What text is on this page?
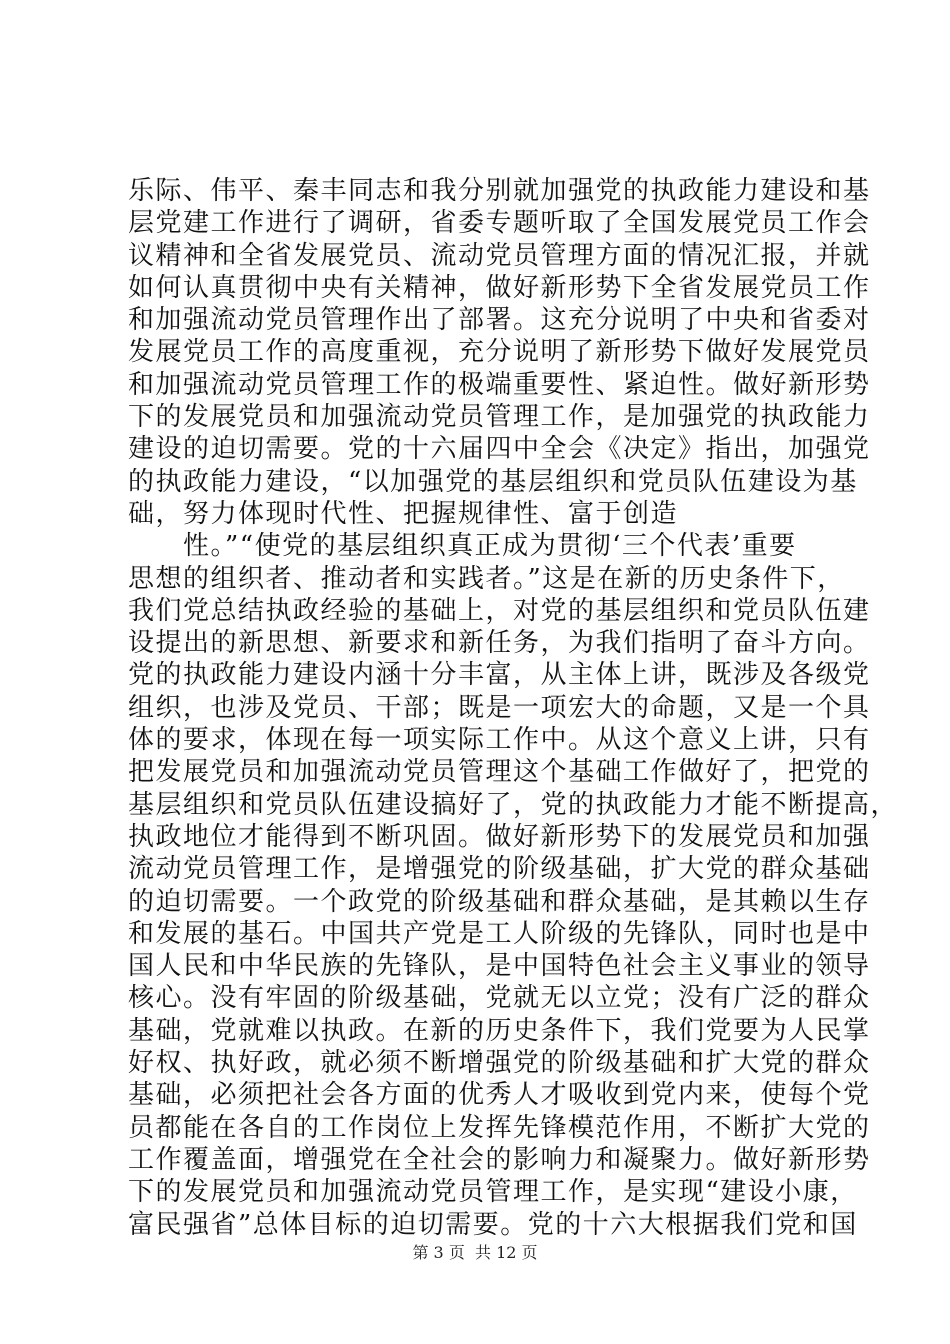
乐际、伟平、秦丰同志和我分别就加强党的执政能力建设和基
层党建工作进行了调研，省委专题听取了全国发展党员工作会
议精神和全省发展党员、流动党员管理方面的情况汇报，并就
如何认真贯彻中央有关精神，做好新形势下全省发展党员工作
和加强流动党员管理作出了部署。这充分说明了中央和省委对
发展党员工作的高度重视，充分说明了新形势下做好发展党员
和加强流动党员管理工作的极端重要性、紧迫性。做好新形势
下的发展党员和加强流动党员管理工作，是加强党的执政能力
建设的迫切需要。党的十六届四中全会《决定》指出，加强党
的执政能力建设，“以加强党的基层组织和党员队伍建设为基
础，努力体现时代性、把握规律性、富于创造
　　性。”“使党的基层组织真正成为贯彻‘三个代表’重要
思想的组织者、推动者和实践者。”这是在新的历史条件下，
我们党总结执政经验的基础上，对党的基层组织和党员队伍建
设提出的新思想、新要求和新任务，为我们指明了奋斗方向。
党的执政能力建设内涵十分丰富，从主体上讲，既涉及各级党
组织，也涉及党员、干部；既是一项宏大的命题，又是一个具
体的要求，体现在每一项实际工作中。从这个意义上讲，只有
把发展党员和加强流动党员管理这个基础工作做好了，把党的
基层组织和党员队伍建设搞好了，党的执政能力才能不断提高，
执政地位才能得到不断巩固。做好新形势下的发展党员和加强
流动党员管理工作，是增强党的阶级基础，扩大党的群众基础
的迫切需要。一个政党的阶级基础和群众基础，是其赖以生存
和发展的基石。中国共产党是工人阶级的先锋队，同时也是中
国人民和中华民族的先锋队，是中国特色社会主义事业的领导
核心。没有牢固的阶级基础，党就无以立党；没有广泛的群众
基础，党就难以执政。在新的历史条件下，我们党要为人民掌
好权、执好政，就必须不断增强党的阶级基础和扩大党的群众
基础，必须把社会各方面的优秀人才吸收到党内来，使每个党
员都能在各自的工作岗位上发挥先锋模范作用，不断扩大党的
工作覆盖面，增强党在全社会的影响力和凝聚力。做好新形势
下的发展党员和加强流动党员管理工作，是实现“建设小康，
富民强省”总体目标的迫切需要。党的十六大根据我们党和国
第 3 页  共 12 页
